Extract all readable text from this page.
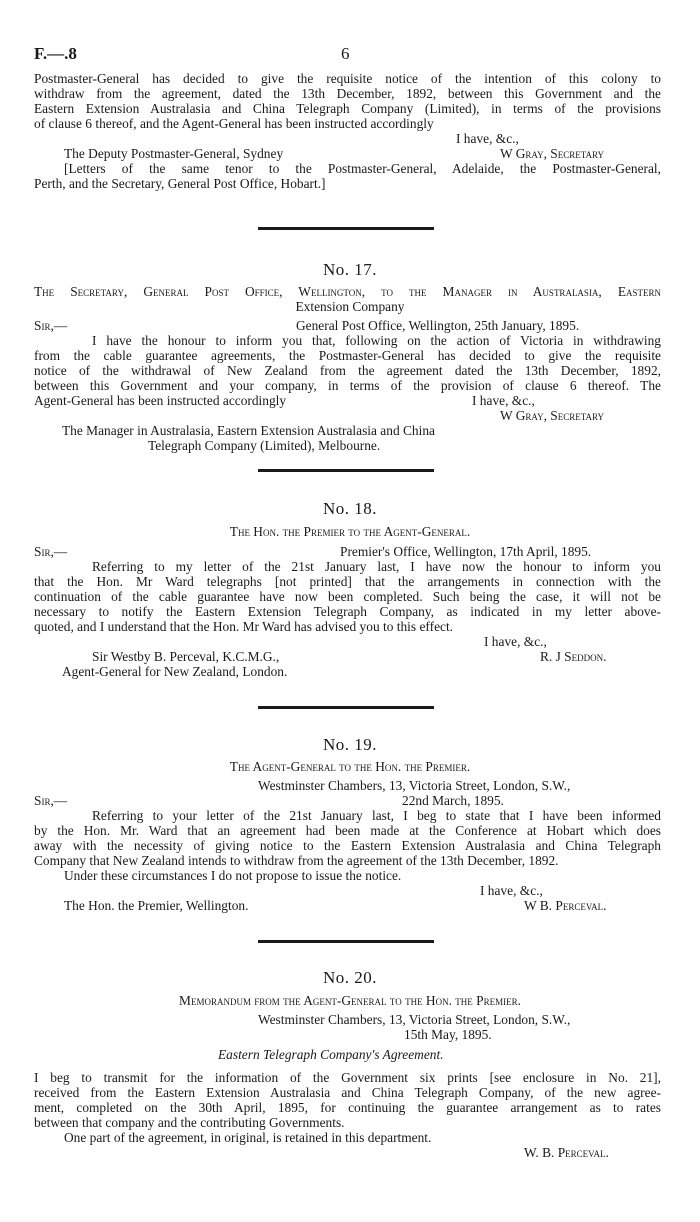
F.—.8	6
Postmaster-General has decided to give the requisite notice of the intention of this colony to
withdraw from the agreement, dated the 13th December, 1892, between this Government and the
Eastern Extension Australasia and China Telegraph Company (Limited), in terms of the provisions
of clause 6 thereof, and the Agent-General has been instructed accordingly
I have, &c.,
The Deputy Postmaster-General, Sydney	W Gray, Secretary
[Letters of the same tenor to the Postmaster-General, Adelaide, the Postmaster-General,
Perth, and the Secretary, General Post Office, Hobart.]
No. 17.
The Secretary, General Post Office, Wellington, to the Manager in Australasia, Eastern
Extension Company
Sir,—	General Post Office, Wellington, 25th January, 1895.
I have the honour to inform you that, following on the action of Victoria in withdrawing
from the cable guarantee agreements, the Postmaster-General has decided to give the requisite
notice of the withdrawal of New Zealand from the agreement dated the 13th December, 1892,
between this Government and your company, in terms of the provision of clause 6 thereof. The
Agent-General has been instructed accordingly	I have, &c.,
W Gray, Secretary
The Manager in Australasia, Eastern Extension Australasia and China
Telegraph Company (Limited), Melbourne.
No. 18.
The Hon. the Premier to the Agent-General.
Sir,—	Premier's Office, Wellington, 17th April, 1895.
Referring to my letter of the 21st January last, I have now the honour to inform you
that the Hon. Mr Ward telegraphs [not printed] that the arrangements in connection with the
continuation of the cable guarantee have now been completed. Such being the case, it will not be
necessary to notify the Eastern Extension Telegraph Company, as indicated in my letter above-
quoted, and I understand that the Hon. Mr Ward has advised you to this effect.
I have, &c.,
Sir Westby B. Perceval, K.C.M.G.,	R. J Seddon.
Agent-General for New Zealand, London.
No. 19.
The Agent-General to the Hon. the Premier.
Westminster Chambers, 13, Victoria Street, London, S.W.,
Sir,—	22nd March, 1895.
Referring to your letter of the 21st January last, I beg to state that I have been informed
by the Hon. Mr. Ward that an agreement had been made at the Conference at Hobart which does
away with the necessity of giving notice to the Eastern Extension Australasia and China Telegraph
Company that New Zealand intends to withdraw from the agreement of the 13th December, 1892.
Under these circumstances I do not propose to issue the notice.
I have, &c.,
The Hon. the Premier, Wellington.	W B. Perceval.
No. 20.
Memorandum from the Agent-General to the Hon. the Premier.
Westminster Chambers, 13, Victoria Street, London, S.W.,
15th May, 1895.
Eastern Telegraph Company's Agreement.
I beg to transmit for the information of the Government six prints [see enclosure in No. 21],
received from the Eastern Extension Australasia and China Telegraph Company, of the new agree-
ment, completed on the 30th April, 1895, for continuing the guarantee arrangement as to rates
between that company and the contributing Governments.
One part of the agreement, in original, is retained in this department.
W. B. Perceval.
